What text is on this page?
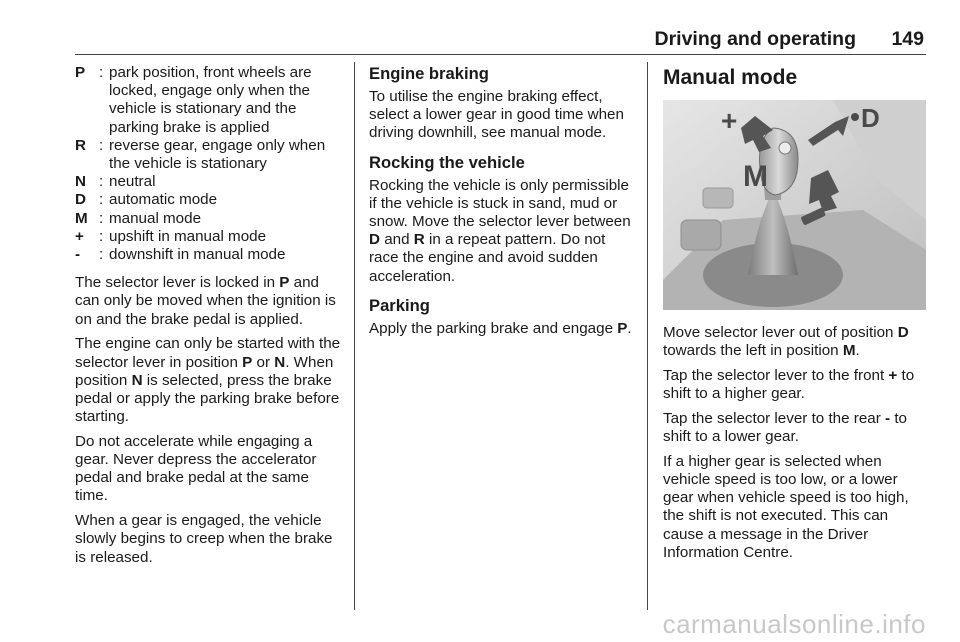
Driving and operating 149
P : park position, front wheels are locked, engage only when the vehicle is stationary and the parking brake is applied
R : reverse gear, engage only when the vehicle is stationary
N : neutral
D : automatic mode
M : manual mode
+ : upshift in manual mode
-	: downshift in manual mode

The selector lever is locked in P and can only be moved when the ignition is on and the brake pedal is applied.

The engine can only be started with the selector lever in position P or N. When position N is selected, press the brake pedal or apply the parking brake before starting.

Do not accelerate while engaging a gear. Never depress the accelerator pedal and brake pedal at the same time.

When a gear is engaged, the vehicle slowly begins to creep when the brake is released.

Engine braking

To utilise the engine braking effect, select a lower gear in good time when driving downhill, see manual mode.

Rocking the vehicle

Rocking the vehicle is only permissible if the vehicle is stuck in sand, mud or snow. Move the selector lever between D and R in a repeat pattern. Do not race the engine and avoid sudden acceleration.

Parking

Apply the parking brake and engage P.

Manual mode
+	D
M

Move selector lever out of position D towards the left in position M.

Tap the selector lever to the front + to shift to a higher gear.

Tap the selector lever to the rear - to shift to a lower gear.

If a higher gear is selected when vehicle speed is too low, or a lower gear when vehicle speed is too high, the shift is not executed. This can cause a message in the Driver Information Centre.

carmanualsonline.info
